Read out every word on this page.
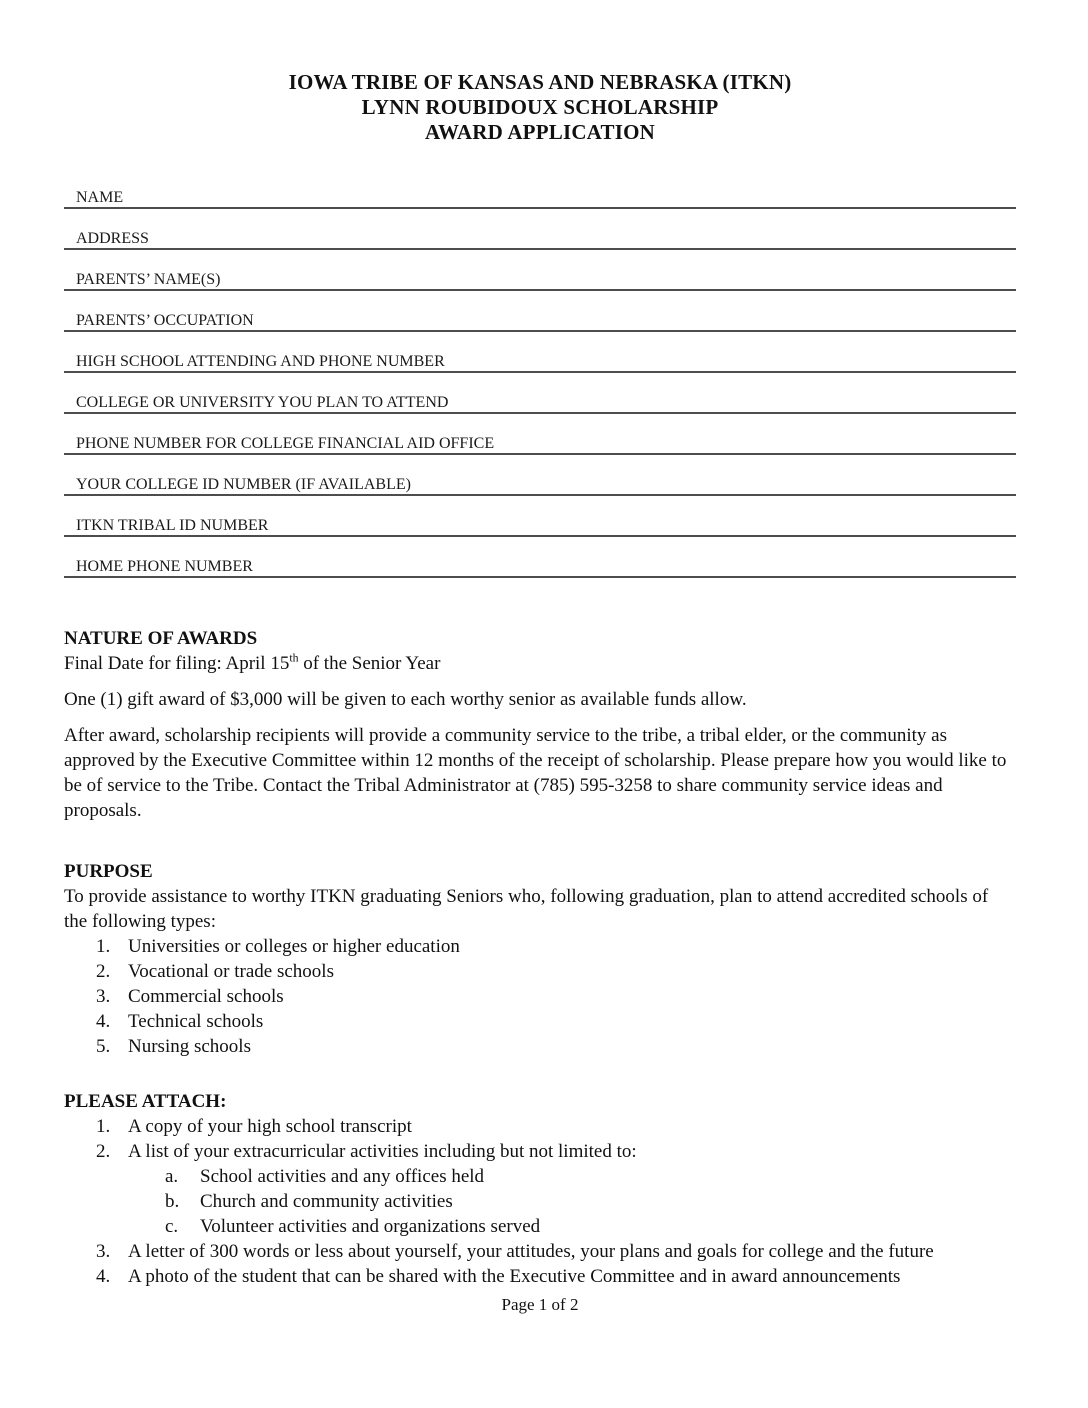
IOWA TRIBE OF KANSAS AND NEBRASKA (ITKN)
LYNN ROUBIDOUX SCHOLARSHIP
AWARD APPLICATION
NAME
ADDRESS
PARENTS’ NAME(S)
PARENTS’ OCCUPATION
HIGH SCHOOL ATTENDING AND PHONE NUMBER
COLLEGE OR UNIVERSITY YOU PLAN TO ATTEND
PHONE NUMBER FOR COLLEGE FINANCIAL AID OFFICE
YOUR COLLEGE ID NUMBER (IF AVAILABLE)
ITKN TRIBAL ID NUMBER
HOME PHONE NUMBER
NATURE OF AWARDS
Final Date for filing: April 15th of the Senior Year
One (1) gift award of $3,000 will be given to each worthy senior as available funds allow.
After award, scholarship recipients will provide a community service to the tribe, a tribal elder, or the community as approved by the Executive Committee within 12 months of the receipt of scholarship. Please prepare how you would like to be of service to the Tribe. Contact the Tribal Administrator at (785) 595-3258 to share community service ideas and proposals.
PURPOSE
To provide assistance to worthy ITKN graduating Seniors who, following graduation, plan to attend accredited schools of the following types:
1. Universities or colleges or higher education
2. Vocational or trade schools
3. Commercial schools
4. Technical schools
5. Nursing schools
PLEASE ATTACH:
1. A copy of your high school transcript
2. A list of your extracurricular activities including but not limited to:
a.	School activities and any offices held
b.	Church and community activities
c.	Volunteer activities and organizations served
3. A letter of 300 words or less about yourself, your attitudes, your plans and goals for college and the future
4. A photo of the student that can be shared with the Executive Committee and in award announcements
Page 1 of 2
